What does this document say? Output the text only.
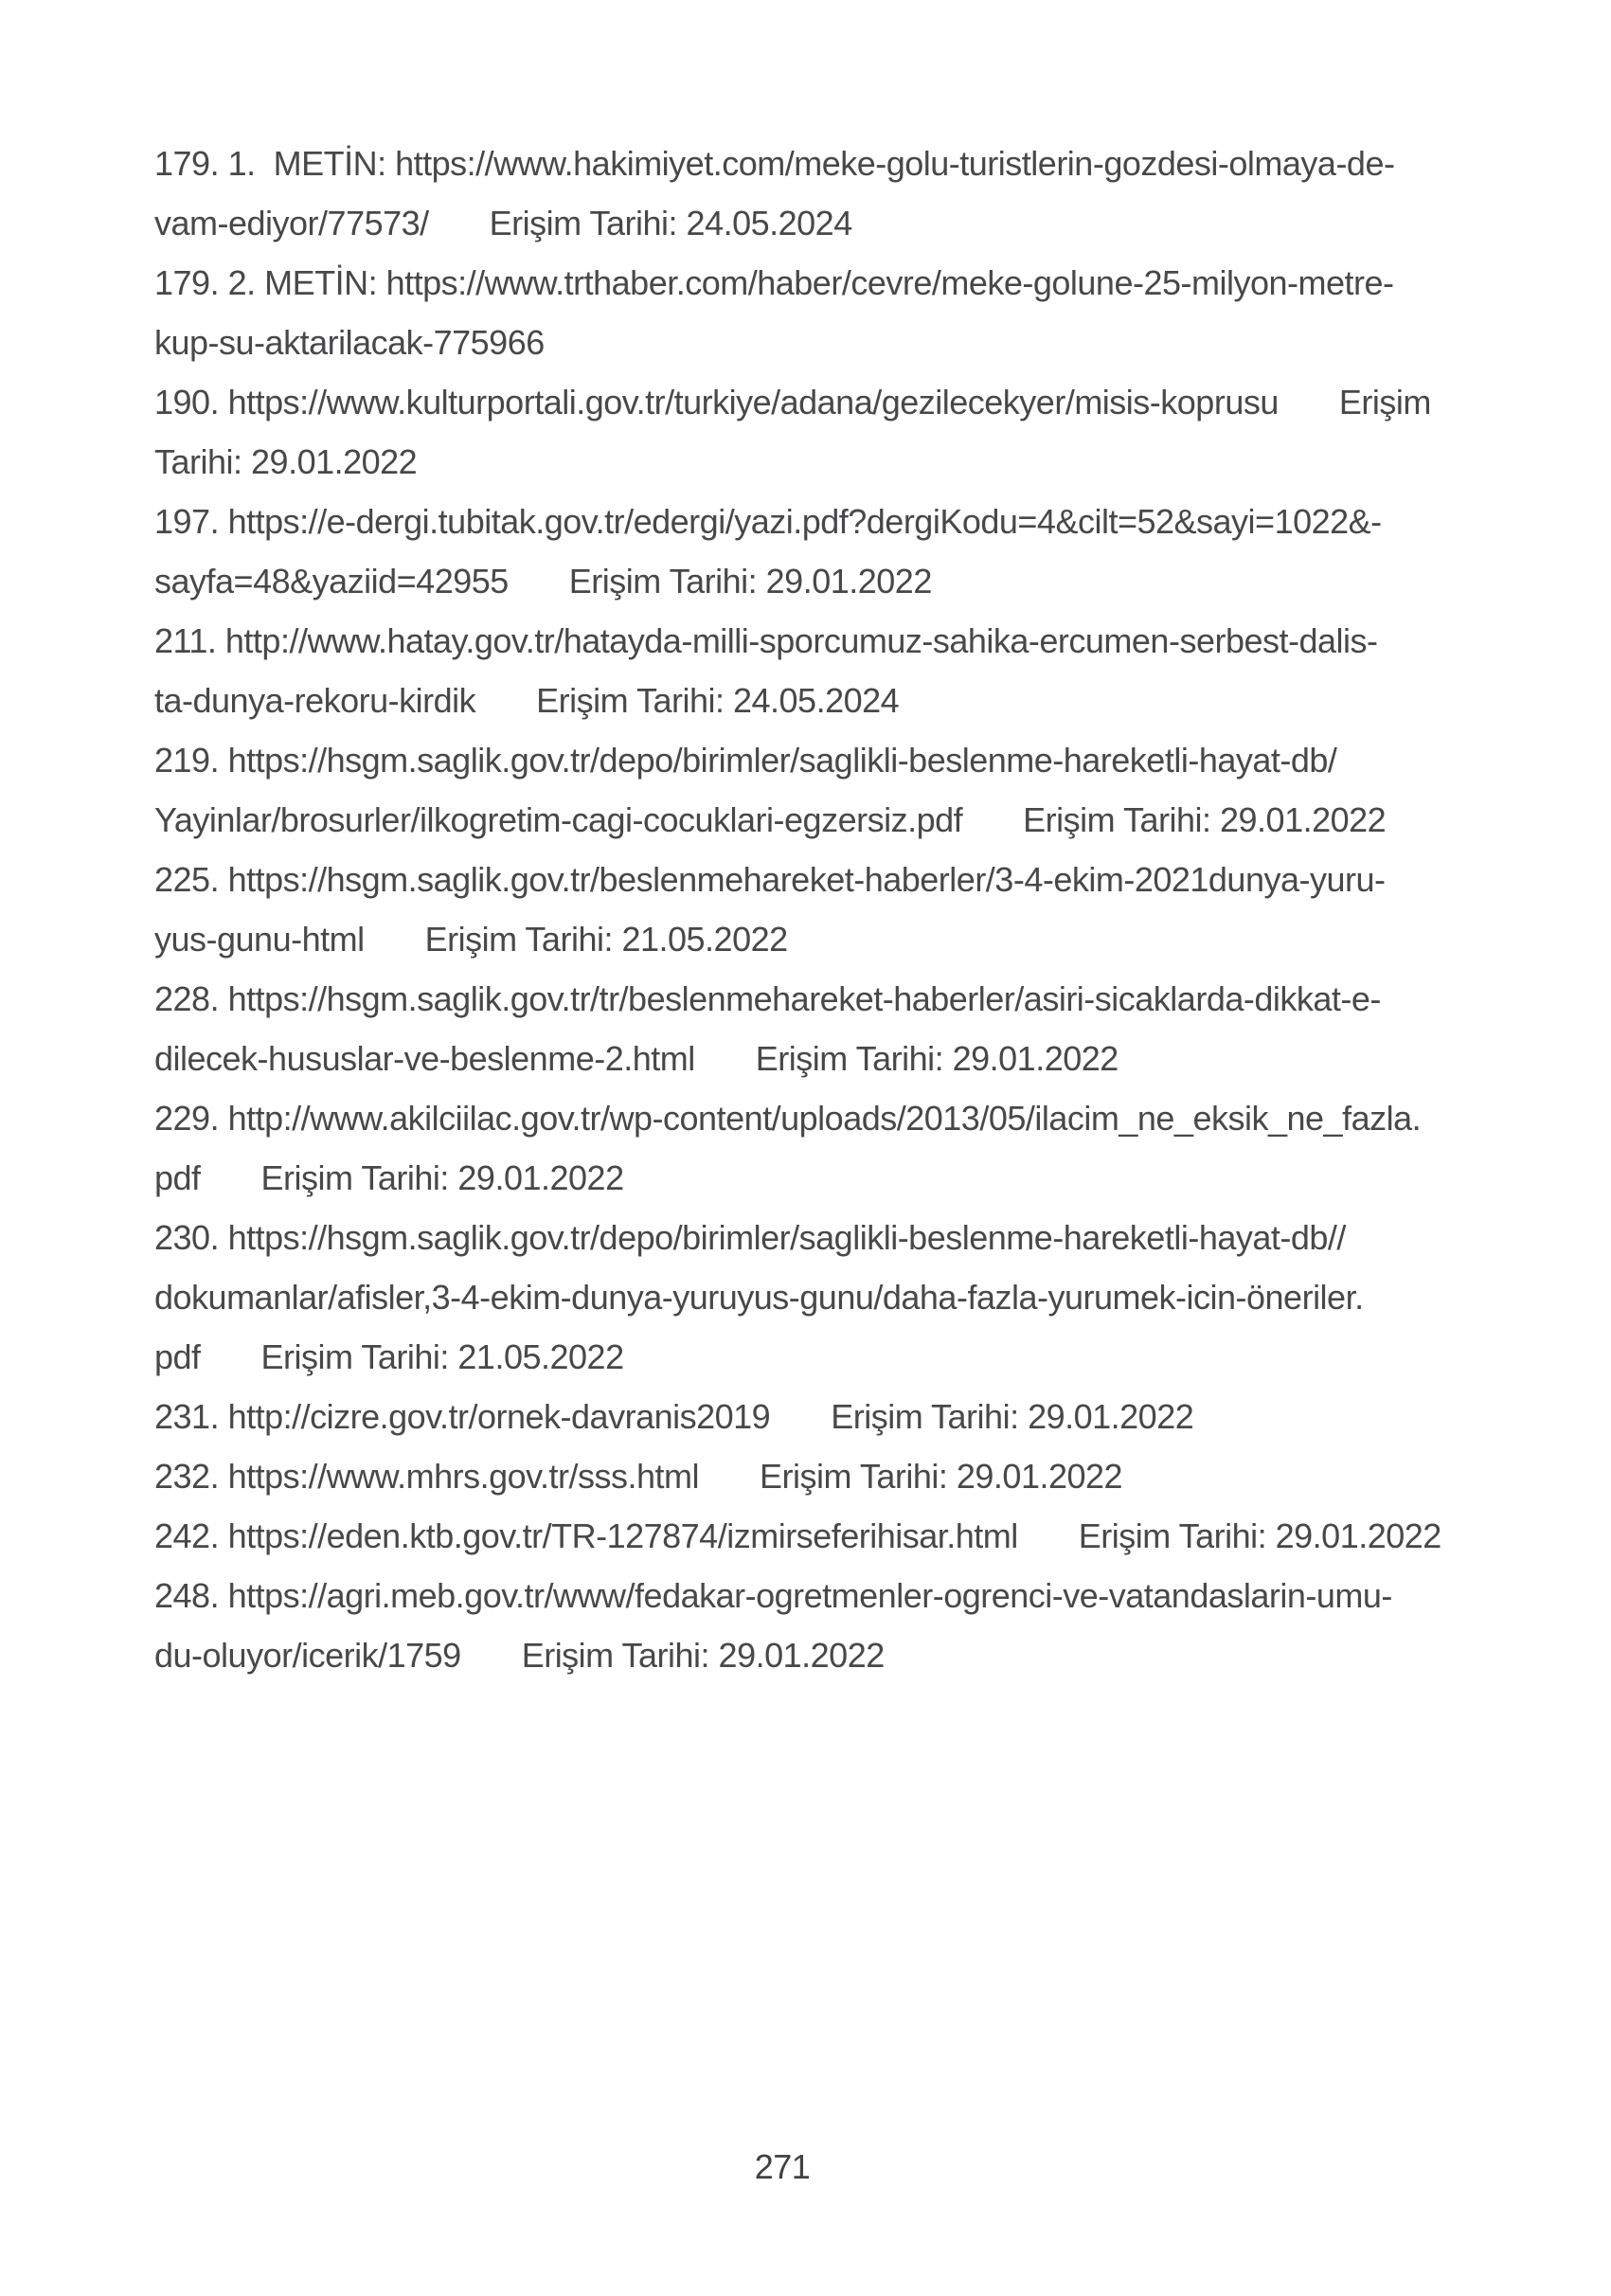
179. 1.  METİN: https://www.hakimiyet.com/meke-golu-turistlerin-gozdesi-olmaya-de-
vam-ediyor/77573/ Erişim Tarihi: 24.05.2024
179. 2. METİN: https://www.trthaber.com/haber/cevre/meke-golune-25-milyon-metre-
kup-su-aktarilacak-775966
190. https://www.kulturportali.gov.tr/turkiye/adana/gezilecekyer/misis-koprusu Erişim
Tarihi: 29.01.2022
197. https://e-dergi.tubitak.gov.tr/edergi/yazi.pdf?dergiKodu=4&cilt=52&sayi=1022&-
sayfa=48&yaziid=42955 Erişim Tarihi: 29.01.2022
211. http://www.hatay.gov.tr/hatayda-milli-sporcumuz-sahika-ercumen-serbest-dalis-
ta-dunya-rekoru-kirdik Erişim Tarihi: 24.05.2024
219. https://hsgm.saglik.gov.tr/depo/birimler/saglikli-beslenme-hareketli-hayat-db/
Yayinlar/brosurler/ilkogretim-cagi-cocuklari-egzersiz.pdf Erişim Tarihi: 29.01.2022
225. https://hsgm.saglik.gov.tr/beslenmehareket-haberler/3-4-ekim-2021dunya-yuru-
yus-gunu-html Erişim Tarihi: 21.05.2022
228. https://hsgm.saglik.gov.tr/tr/beslenmehareket-haberler/asiri-sicaklarda-dikkat-e-
dilecek-hususlar-ve-beslenme-2.html Erişim Tarihi: 29.01.2022
229. http://www.akilciilac.gov.tr/wp-content/uploads/2013/05/ilacim_ne_eksik_ne_fazla.
pdf Erişim Tarihi: 29.01.2022
230. https://hsgm.saglik.gov.tr/depo/birimler/saglikli-beslenme-hareketli-hayat-db//
dokumanlar/afisler,3-4-ekim-dunya-yuruyus-gunu/daha-fazla-yurumek-icin-öneriler.
pdf Erişim Tarihi: 21.05.2022
231. http://cizre.gov.tr/ornek-davranis2019 Erişim Tarihi: 29.01.2022
232. https://www.mhrs.gov.tr/sss.html Erişim Tarihi: 29.01.2022
242. https://eden.ktb.gov.tr/TR-127874/izmirseferihisar.html Erişim Tarihi: 29.01.2022
248. https://agri.meb.gov.tr/www/fedakar-ogretmenler-ogrenci-ve-vatandaslarin-umu-
du-oluyor/icerik/1759 Erişim Tarihi: 29.01.2022
271
